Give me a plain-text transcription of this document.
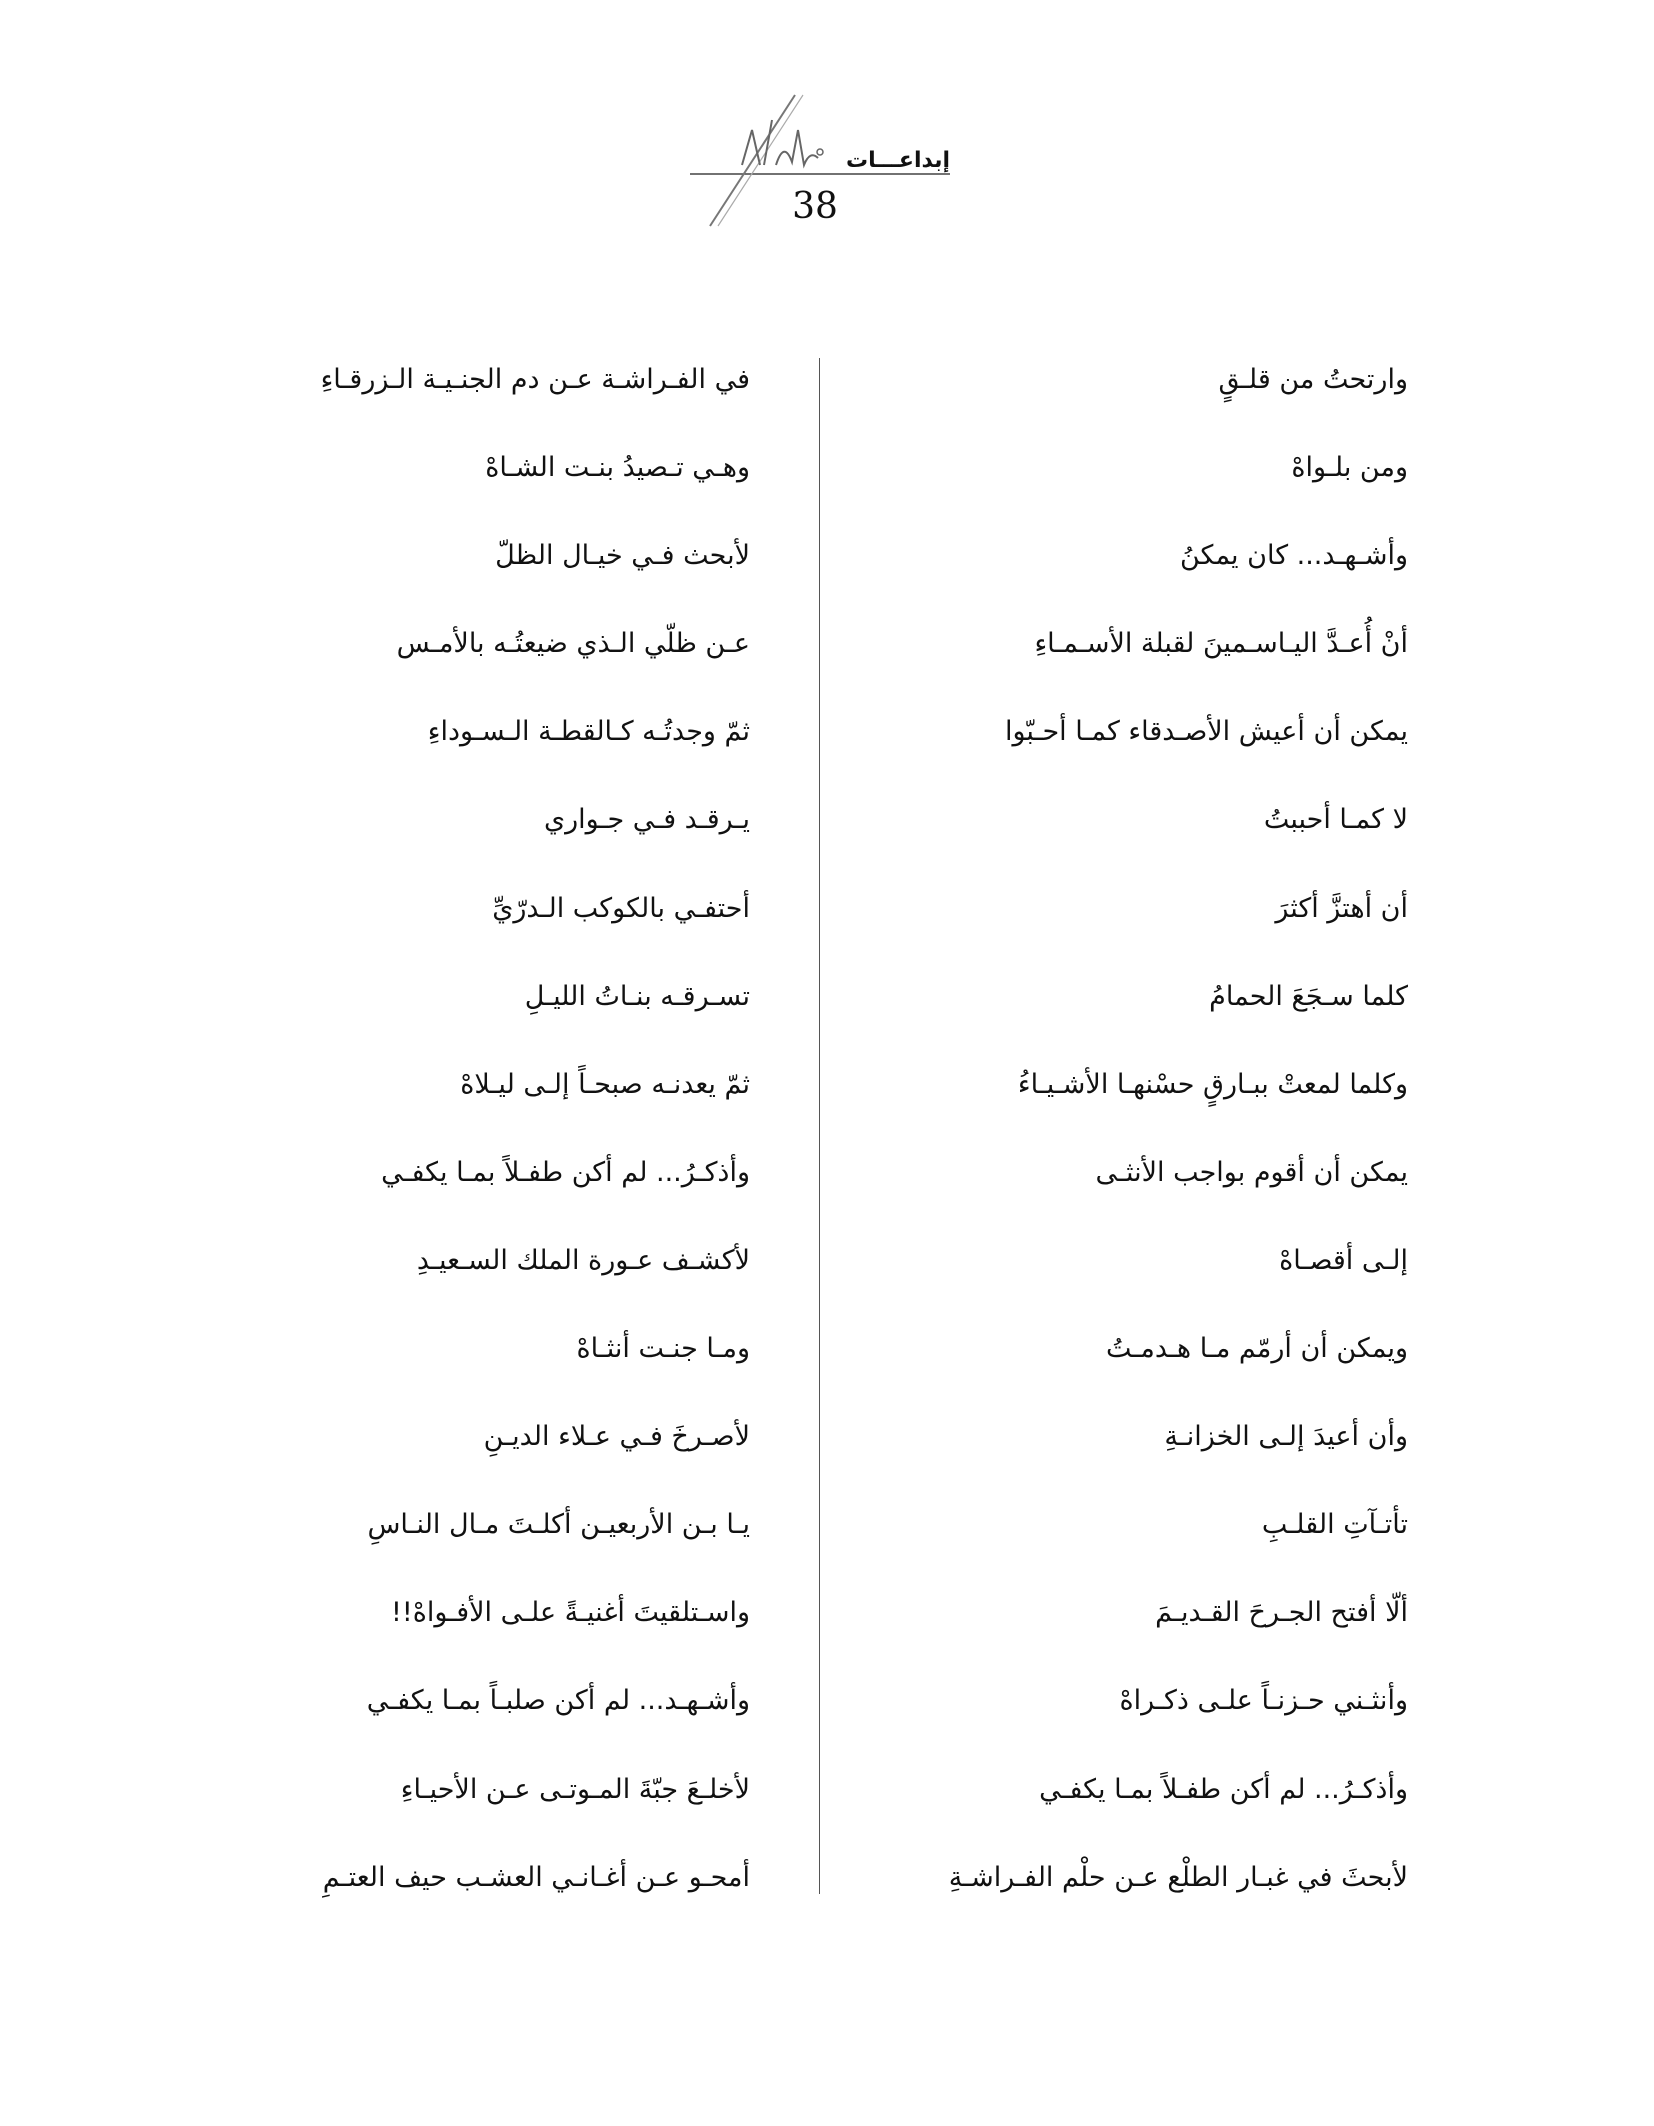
إبداعـــات
38
وارتحتُ من قلـقٍ
ومن بلـواهْ
وأشـهـد... كان يمكنُ
أنْ أُعـدَّ اليـاسـمينَ لقبلة الأسـمـاءِ
يمكن أن أعيش الأصـدقاء كمـا أحـبّوا
لا كمـا أحببتُ
أن أهتزَّ أكثرَ
كلما سـجَعَ الحمامُ
وكلما لمعتْ ببـارقٍ حسْنهـا الأشـيـاءُ
يمكن أن أقوم بواجب الأنثـى
إلـى أقصـاهْ
ويمكن أن أرمّم مـا هـدمـتُ
وأن أعيدَ إلـى الخزانـةِ
تأتـآتِ القلـبِ
ألّا أفتح الجـرحَ القـديـمَ
وأنثـني حـزنـاً علـى ذكـراهْ
وأذكـرُ... لم أكن طفـلاً بمـا يكفـي
لأبحثَ في غبـار الطلْع عـن حلْم الفـراشـةِ
في الفـراشـة عـن دم الجنـيـة الـزرقـاءِ
وهـي تـصيدُ بنـت الشـاهْ
لأبحث فـي خيـال الظلّ
عـن ظلّي الـذي ضيعتُـه بالأمـس
ثمّ وجدتُـه كـالقطـة الـسـوداءِ
يـرقـد فـي جـواري
أحتفـي بالكوكب الـدرّيِّ
تسـرقـه بنـاتُ الليـلِ
ثمّ يعدنـه صبحـاً إلـى ليـلاهْ
وأذكـرُ... لم أكن طفـلاً بمـا يكفـي
لأكشـف عـورة الملك السـعيـدِ
ومـا جنـت أنثـاهْ
لأصـرخَ فـي عـلاء الديـنِ
يـا بـن الأربعيـن أكلـتَ مـال النـاسِ
واسـتلقيتَ أغنيـةً علـى الأفـواهْ!!
وأشـهـد... لم أكن صلبـاً بمـا يكفـي
لأخلـعَ جبّةَ المـوتـى عـن الأحيـاءِ
أمحـو عـن أغـانـي العشـب حيف العتـمِ
